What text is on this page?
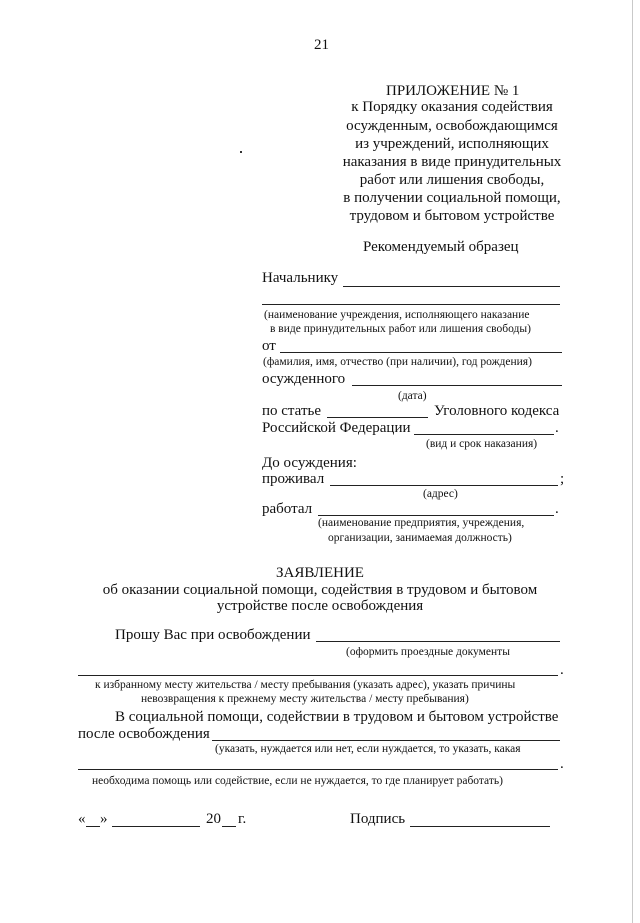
21
ПРИЛОЖЕНИЕ № 1
к Порядку оказания содействия
осужденным, освобождающимся
из учреждений, исполняющих
наказания в виде принудительных
работ или лишения свободы,
в получении социальной помощи,
трудовом и бытовом устройстве
Рекомендуемый образец
Начальнику
(наименование учреждения, исполняющего наказание
в виде принудительных работ или лишения свободы)
от
(фамилия, имя, отчество (при наличии), год рождения)
осужденного
(дата)
по статье	Уголовного кодекса
Российской Федерации	.
(вид и срок наказания)
До осуждения:
проживал	;
(адрес)
работал	.
(наименование предприятия, учреждения,
организации, занимаемая должность)
ЗАЯВЛЕНИЕ
об оказании социальной помощи, содействия в трудовом и бытовом
устройстве после освобождения
Прошу Вас при освобождении
(оформить проездные документы
.
к избранному месту жительства / месту пребывания (указать адрес), указать причины
невозвращения к прежнему месту жительства / месту пребывания)
В социальной помощи, содействии в трудовом и бытовом устройстве
после освобождения
(указать, нуждается или нет, если нуждается, то указать, какая
.
необходима помощь или содействие, если не нуждается, то где планирует работать)
« »	20 г.	Подпись
